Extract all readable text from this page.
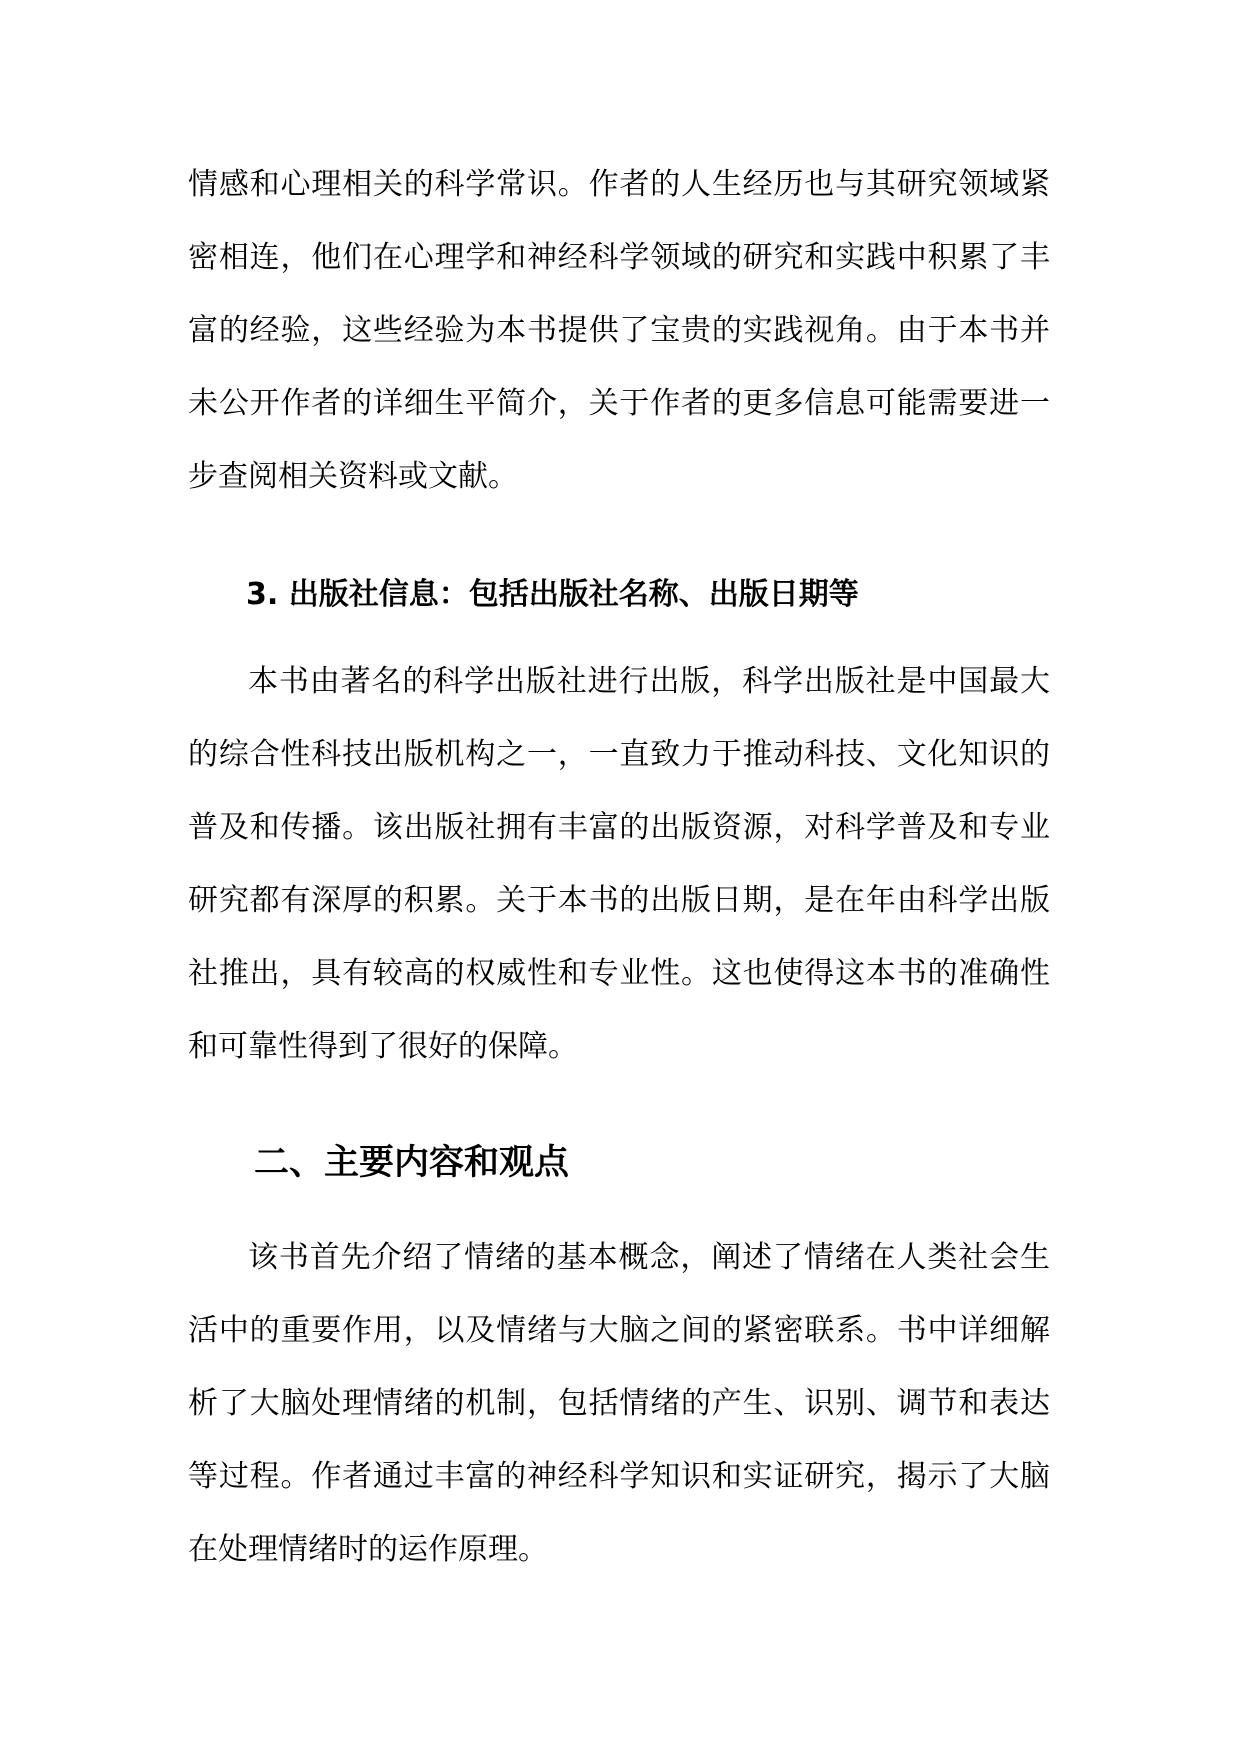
情感和心理相关的科学常识。作者的人生经历也与其研究领域紧密相连，他们在心理学和神经科学领域的研究和实践中积累了丰富的经验，这些经验为本书提供了宝贵的实践视角。由于本书并未公开作者的详细生平简介，关于作者的更多信息可能需要进一步查阅相关资料或文献。

3. 出版社信息：包括出版社名称、出版日期等

本书由著名的科学出版社进行出版，科学出版社是中国最大的综合性科技出版机构之一，一直致力于推动科技、文化知识的普及和传播。该出版社拥有丰富的出版资源，对科学普及和专业研究都有深厚的积累。关于本书的出版日期，是在年由科学出版社推出，具有较高的权威性和专业性。这也使得这本书的准确性和可靠性得到了很好的保障。

二、主要内容和观点

该书首先介绍了情绪的基本概念，阐述了情绪在人类社会生活中的重要作用，以及情绪与大脑之间的紧密联系。书中详细解析了大脑处理情绪的机制，包括情绪的产生、识别、调节和表达等过程。作者通过丰富的神经科学知识和实证研究，揭示了大脑在处理情绪时的运作原理。
